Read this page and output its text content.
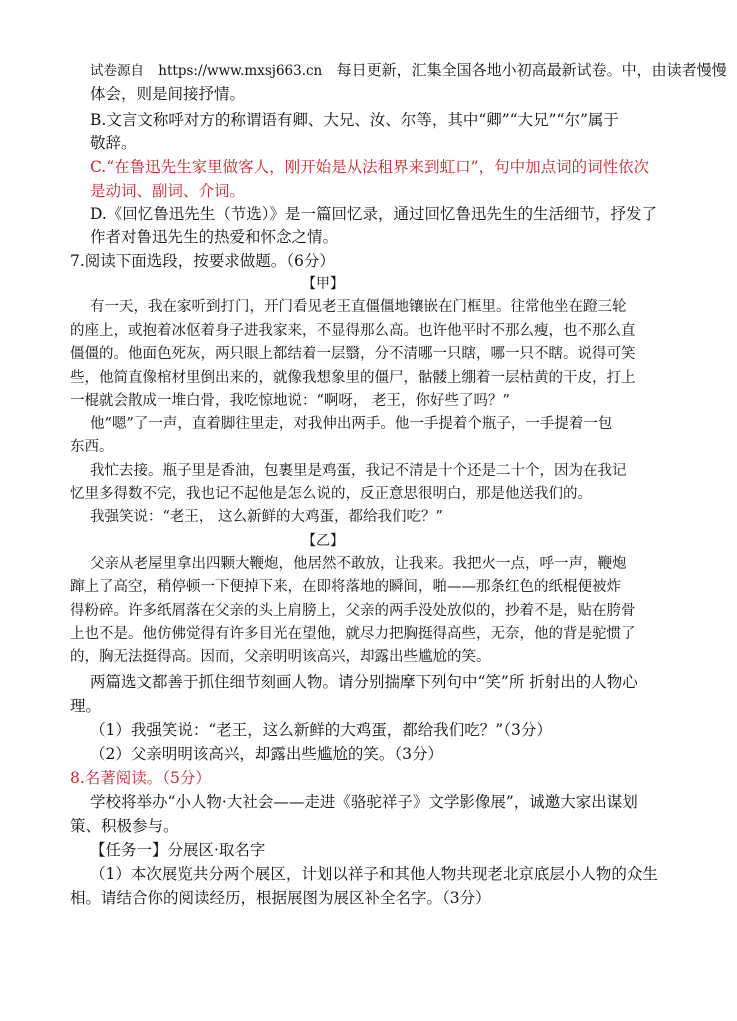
试卷源自 https://www.mxsj663.cn 每日更新，汇集全国各地小初高最新试卷。中，由读者慢慢
体会，则是间接抒情。
B.文言文称呼对方的称谓语有卿、大兄、汝、尔等，其中“卿”“大兄”“尔”属于
敬辞。
C.“在鲁迅先生家里做客人，刚开始是从法租界来到虹口”，句中加点词的词性依次
是动词、副词、介词。
D.《回忆鲁迅先生（节选）》是一篇回忆录，通过回忆鲁迅先生的生活细节，抒发了
作者对鲁迅先生的热爱和怀念之情。
7.阅读下面选段，按要求做题。（6分）
【甲】
有一天，我在家听到打门，开门看见老王直僵僵地镶嵌在门框里。往常他坐在蹬三轮
的座上，或抱着冰伛着身子进我家来，不显得那么高。也许他平时不那么瘦，也不那么直
僵僵的。他面色死灰，两只眼上都结着一层翳，分不清哪一只瞎，哪一只不瞎。说得可笑
些，他简直像棺材里倒出来的，就像我想象里的僵尸，骷髅上绷着一层枯黄的干皮，打上
一棍就会散成一堆白骨，我吃惊地说：“啊呀， 老王，你好些了吗？”
他“嗯”了一声，直着脚往里走，对我伸出两手。他一手提着个瓶子，一手提着一包
东西。
我忙去接。瓶子里是香油，包裹里是鸡蛋，我记不清是十个还是二十个，因为在我记
忆里多得数不完，我也记不起他是怎么说的，反正意思很明白，那是他送我们的。
我强笑说：“老王， 这么新鲜的大鸡蛋，都给我们吃？”
【乙】
父亲从老屋里拿出四颗大鞭炮，他居然不敢放，让我来。我把火一点，呼一声，鞭炮
蹿上了高空，稍停顿一下便掉下来，在即将落地的瞬间，啪——那条红色的纸棍便被炸
得粉碎。许多纸屑落在父亲的头上肩膀上，父亲的两手没处放似的，抄着不是，贴在胯骨
上也不是。他仿佛觉得有许多目光在望他，就尽力把胸挺得高些，无奈，他的背是驼惯了
的，胸无法挺得高。因而，父亲明明该高兴，却露出些尴尬的笑。
两篇选文都善于抓住细节刻画人物。请分别揣摩下列句中“笑”所 折射出的人物心
理。
（1）我强笑说：“老王，这么新鲜的大鸡蛋，都给我们吃？”（3分）
（2）父亲明明该高兴，却露出些尴尬的笑。（3分）
8.名著阅读。（5分）
学校将举办“小人物·大社会——走进《骆驼祥子》文学影像展”，诚邀大家出谋划
策、积极参与。
【任务一】分展区·取名字
（1）本次展览共分两个展区，计划以祥子和其他人物共现老北京底层小人物的众生
相。请结合你的阅读经历，根据展图为展区补全名字。（3分）
